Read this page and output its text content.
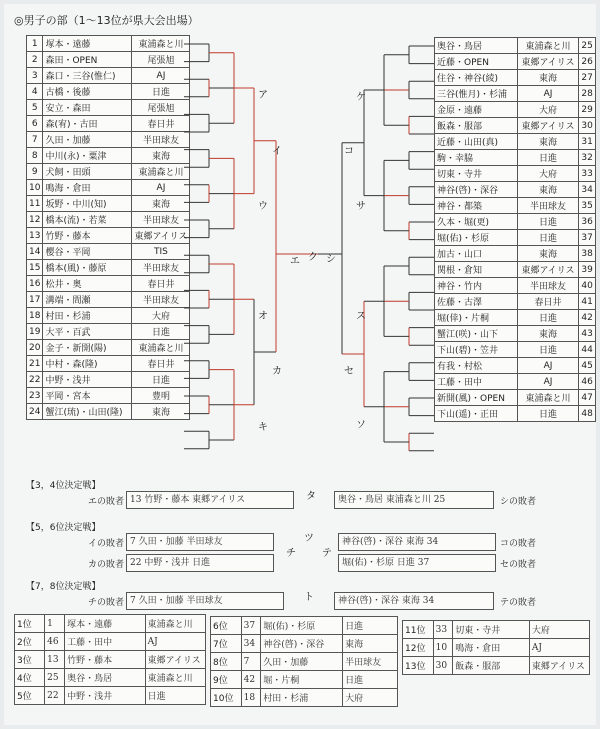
◎男子の部（1～13位が県大会出場）
1	塚本・遠藤	東浦森と川
2	森田・OPEN	尾張旭
3	森口・三谷(惟仁)	AJ
4	古橋・後藤	日進
5	安立・森田	尾張旭
6	森(宥)・古田	春日井
7	久田・加藤	半田球友
8	中川(永)・粟津	東海
9	犬飼・田頭	東浦森と川
10	鳴海・倉田	AJ
11	坂野・中川(知)	東海
12	橋本(流)・若菜	半田球友
13	竹野・藤本	東郷アイリス
14	樱谷・平岡	TIS
15	橋本(風)・藤原	半田球友
16	松井・奥	春日井
17	溝端・間瀬	半田球友
18	村田・杉浦	大府
19	大平・百武	日進
20	金子・新開(陽)	東浦森と川
21	中村・森(隆)	春日井
22	中野・浅井	日進
23	平岡・宮本	豊明
24	蟹江(琉)・山田(隆)	東海
奥谷・鳥居	東浦森と川	25
近藤・OPEN	東郷アイリス	26
住谷・神谷(綾)	東海	27
三谷(惟月)・杉浦	AJ	28
金原・遠藤	大府	29
飯森・服部	東郷アイリス	30
近藤・山田(真)	東海	31
駒・幸脇	日進	32
切東・寺井	大府	33
神谷(啓)・深谷	東海	34
神谷・都築	半田球友	35
久本・堀(更)	日進	36
堀(佑)・杉原	日進	37
加古・山口	東海	38
関根・倉知	東郷アイリス	39
神谷・竹内	半田球友	40
佐藤・古澤	春日井	41
堀(倖)・片桐	日進	42
蟹江(咲)・山下	東海	43
下山(碧)・笠井	日進	44
有我・村松	AJ	45
工藤・田中	AJ	46
新開(風)・OPEN	東浦森と川	47
下山(遥)・正田	日進	48
ア
イ
ウ
エ
オ
カ
キ
ク
ケ
コ
サ
シ
ス
セ
ソ
【3，4位決定戦】
エの敗者 13 竹野・藤本 東郷アイリス	タ	奥谷・鳥居 東浦森と川 25	シの敗者
【5，6位決定戦】
イの敗者 7 久田・加藤 半田球友
カの敗者 22 中野・浅井 日進
チ
ツ
テ
神谷(啓)・深谷 東海 34	コの敗者
堀(佑)・杉原 日進 37	セの敗者
【7，8位決定戦】
チの敗者 7 久田・加藤 半田球友	ト	神谷(啓)・深谷 東海 34	テの敗者
1位	1	塚本・遠藤	東浦森と川
2位	46	工藤・田中	AJ
3位	13	竹野・藤本	東郷アイリス
4位	25	奥谷・鳥居	東浦森と川
5位	22	中野・浅井	日進
6位	37	堀(佑)・杉原	日進
7位	34	神谷(啓)・深谷	東海
8位	7	久田・加藤	半田球友
9位	42	堀・片桐	日進
10位	18	村田・杉浦	大府
11位	33	切東・寺井	大府
12位	10	鳴海・倉田	AJ
13位	30	飯森・服部	東郷アイリス
